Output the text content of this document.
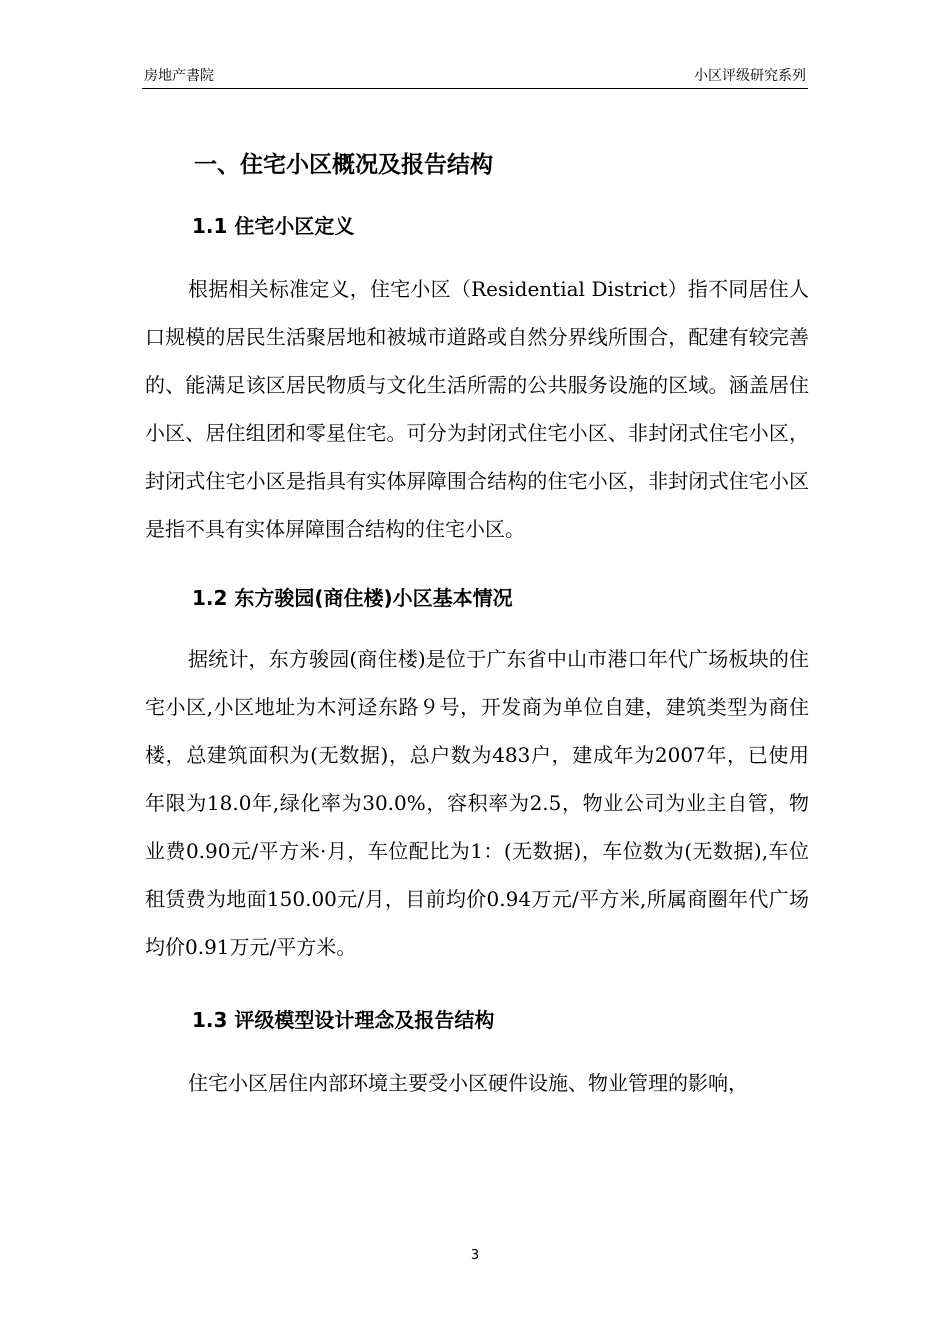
房地产書院	小区评级研究系列
一、住宅小区概况及报告结构
1.1 住宅小区定义

根据相关标准定义，住宅小区（Residential District）指不同居住人口规模的居民生活聚居地和被城市道路或自然分界线所围合，配建有较完善的、能满足该区居民物质与文化生活所需的公共服务设施的区域。涵盖居住小区、居住组团和零星住宅。可分为封闭式住宅小区、非封闭式住宅小区，封闭式住宅小区是指具有实体屏障围合结构的住宅小区，非封闭式住宅小区是指不具有实体屏障围合结构的住宅小区。

1.2 东方骏园(商住楼)小区基本情况

据统计，东方骏园(商住楼)是位于广东省中山市港口年代广场板块的住宅小区,小区地址为木河迳东路９号，开发商为单位自建，建筑类型为商住楼，总建筑面积为(无数据)，总户数为483户，建成年为2007年，已使用年限为18.0年,绿化率为30.0%，容积率为2.5，物业公司为业主自管，物业费0.90元/平方米·月，车位配比为1：(无数据)，车位数为(无数据),车位租赁费为地面150.00元/月，目前均价0.94万元/平方米,所属商圈年代广场均价0.91万元/平方米。

1.3 评级模型设计理念及报告结构

住宅小区居住内部环境主要受小区硬件设施、物业管理的影响，

3
